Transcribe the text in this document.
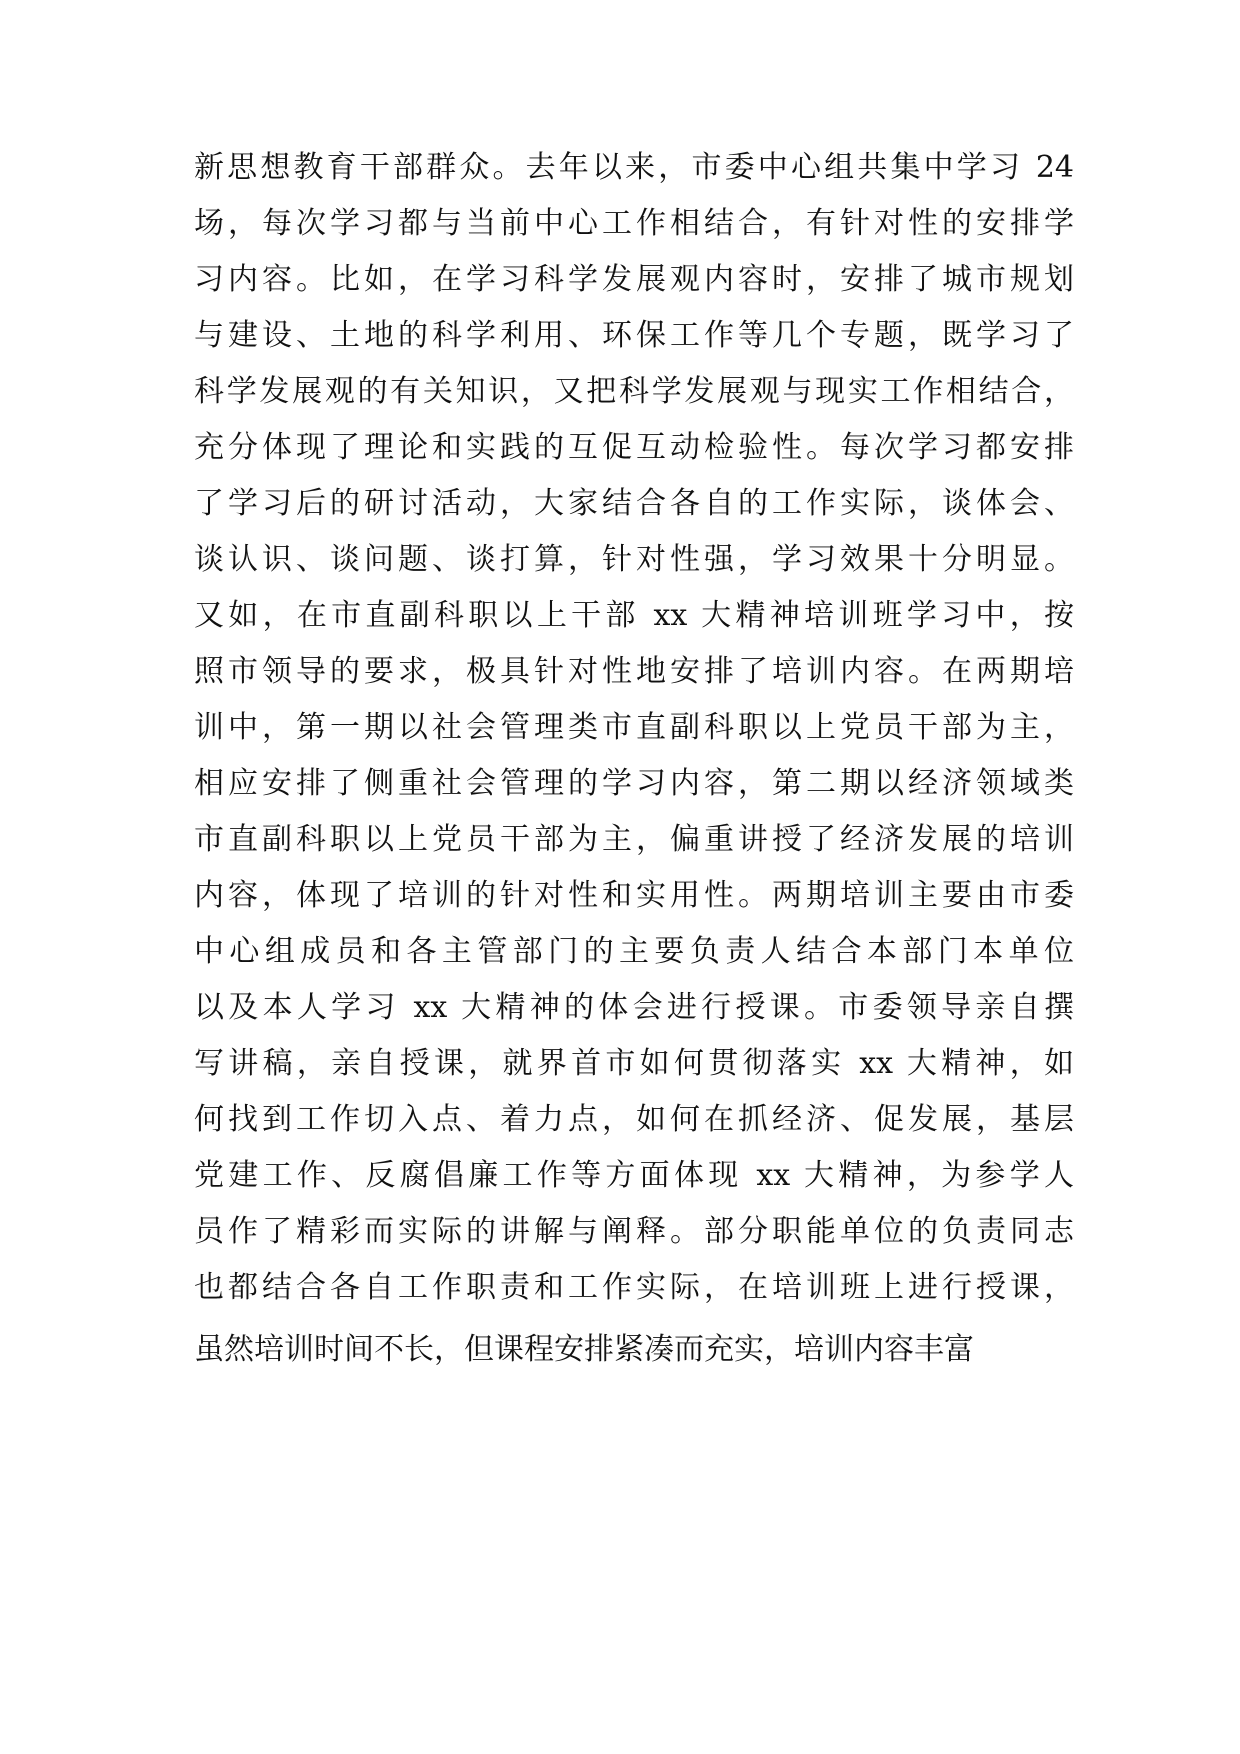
新思想教育干部群众。去年以来，市委中心组共集中学习 24
场，每次学习都与当前中心工作相结合，有针对性的安排学
习内容。比如，在学习科学发展观内容时，安排了城市规划
与建设、土地的科学利用、环保工作等几个专题，既学习了
科学发展观的有关知识，又把科学发展观与现实工作相结合，
充分体现了理论和实践的互促互动检验性。每次学习都安排
了学习后的研讨活动，大家结合各自的工作实际，谈体会、
谈认识、谈问题、谈打算，针对性强，学习效果十分明显。
又如，在市直副科职以上干部 xx 大精神培训班学习中，按
照市领导的要求，极具针对性地安排了培训内容。在两期培
训中，第一期以社会管理类市直副科职以上党员干部为主，
相应安排了侧重社会管理的学习内容，第二期以经济领域类
市直副科职以上党员干部为主，偏重讲授了经济发展的培训
内容，体现了培训的针对性和实用性。两期培训主要由市委
中心组成员和各主管部门的主要负责人结合本部门本单位
以及本人学习 xx 大精神的体会进行授课。市委领导亲自撰
写讲稿，亲自授课，就界首市如何贯彻落实 xx 大精神，如
何找到工作切入点、着力点，如何在抓经济、促发展，基层
党建工作、反腐倡廉工作等方面体现 xx 大精神，为参学人
员作了精彩而实际的讲解与阐释。部分职能单位的负责同志
也都结合各自工作职责和工作实际，在培训班上进行授课，
虽然培训时间不长，但课程安排紧凑而充实，培训内容丰富
